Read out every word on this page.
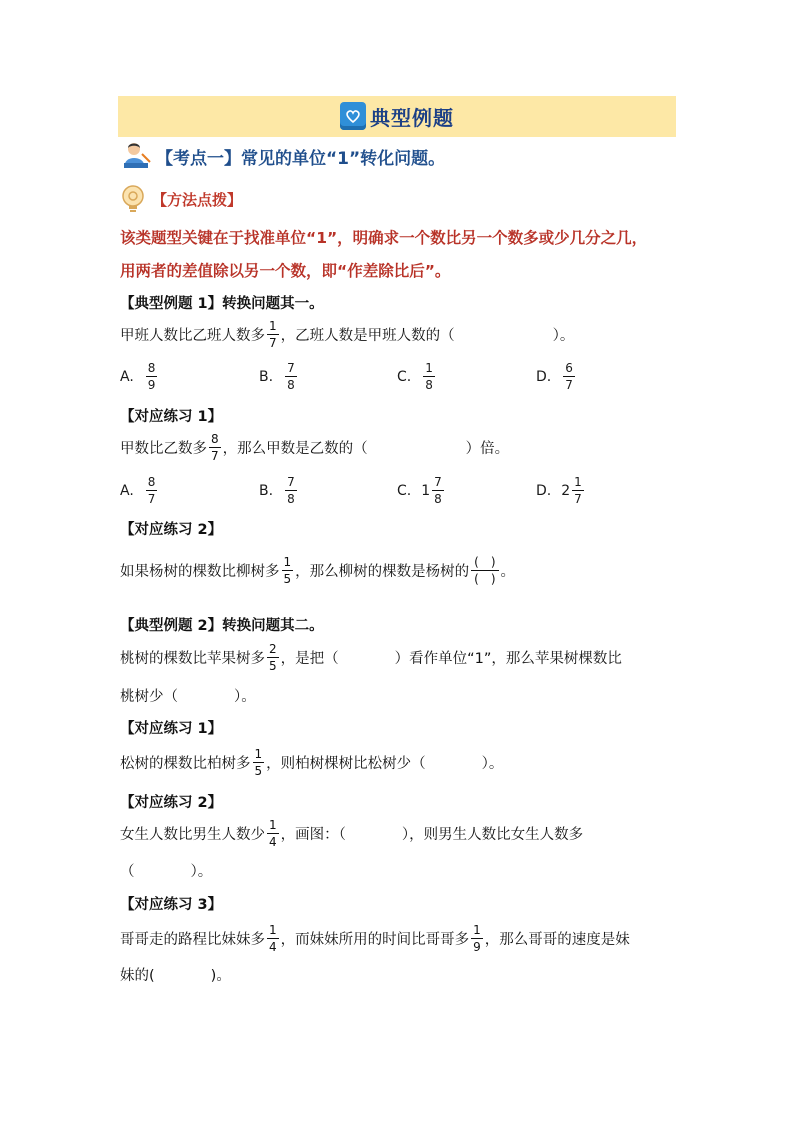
典型例题
【考点一】常见的单位“1”转化问题。
【方法点拨】
该类题型关键在于找准单位“1”，明确求一个数比另一个数多或少几分之几，
用两者的差值除以另一个数，即“作差除比后”。
【典型例题 1】转换问题其一。
甲班人数比乙班人数多 $\frac{1}{7}$ ，乙班人数是甲班人数的（	）。
A. $\frac{8}{9}$	B. $\frac{7}{8}$	C. $\frac{1}{8}$	D. $\frac{6}{7}$
【对应练习 1】
甲数比乙数多 $\frac{8}{7}$ ，那么甲数是乙数的（	）倍。
A. $\frac{8}{7}$	B. $\frac{7}{8}$	C. $1 \frac{7}{8}$	D. $2 \frac{1}{7}$
【对应练习 2】
如果杨树的棵数比柳树多 $\frac{1}{5}$ ，那么柳树的棵数是杨树的 $\frac{( )}{( )}$ 。
【典型例题 2】转换问题其二。
桃树的棵数比苹果树多 $\frac{2}{5}$ ，是把（	）看作单位“1”，那么苹果树棵数比
桃树少（	）。
【对应练习 1】
松树的棵数比柏树多 $\frac{1}{5}$ ，则柏树棵树比松树少（	）。
【对应练习 2】
女生人数比男生人数少 $\frac{1}{4}$ ，画图：（	），则男生人数比女生人数多
（	）。
【对应练习 3】
哥哥走的路程比妹妹多 $\frac{1}{4}$ ，而妹妹所用的时间比哥哥多 $\frac{1}{9}$ ，那么哥哥的速度是妹
妹的(	)。
